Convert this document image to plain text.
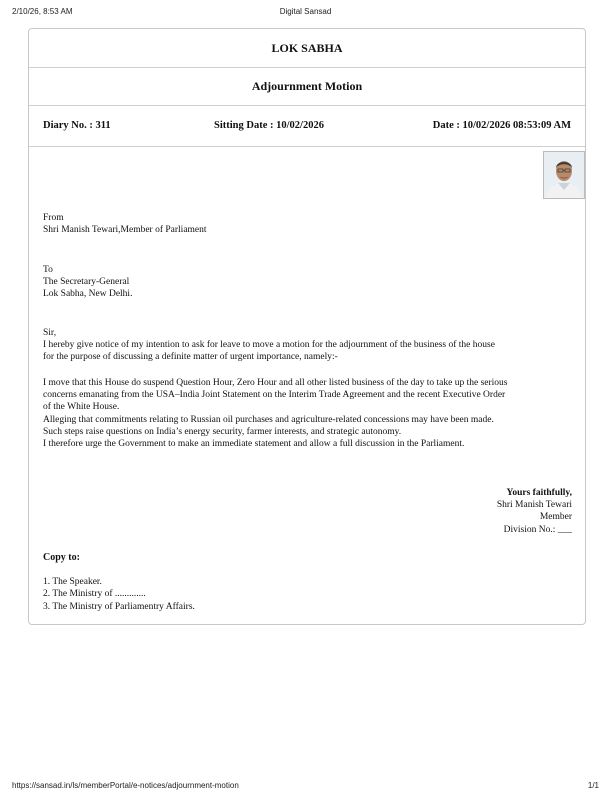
2/10/26, 8:53 AM	Digital Sansad
LOK SABHA
Adjournment Motion
Diary No. : 311	Sitting Date : 10/02/2026	Date : 10/02/2026 08:53:09 AM
From
Shri Manish Tewari,Member of Parliament
To
The Secretary-General
Lok Sabha, New Delhi.
Sir,
I hereby give notice of my intention to ask for leave to move a motion for the adjournment of the business of the house
for the purpose of discussing a definite matter of urgent importance, namely:-
I move that this House do suspend Question Hour, Zero Hour and all other listed business of the day to take up the serious
concerns emanating from the USA–India Joint Statement on the Interim Trade Agreement and the recent Executive Order
of the White House.
Alleging that commitments relating to Russian oil purchases and agriculture-related concessions may have been made.
Such steps raise questions on India’s energy security, farmer interests, and strategic autonomy.
I therefore urge the Government to make an immediate statement and allow a full discussion in the Parliament.
Yours faithfully,
Shri Manish Tewari
Member
Division No.: ___
Copy to:
1. The Speaker.
2. The Ministry of .............
3. The Ministry of Parliamentry Affairs.
https://sansad.in/ls/memberPortal/e-notices/adjournment-motion	1/1
